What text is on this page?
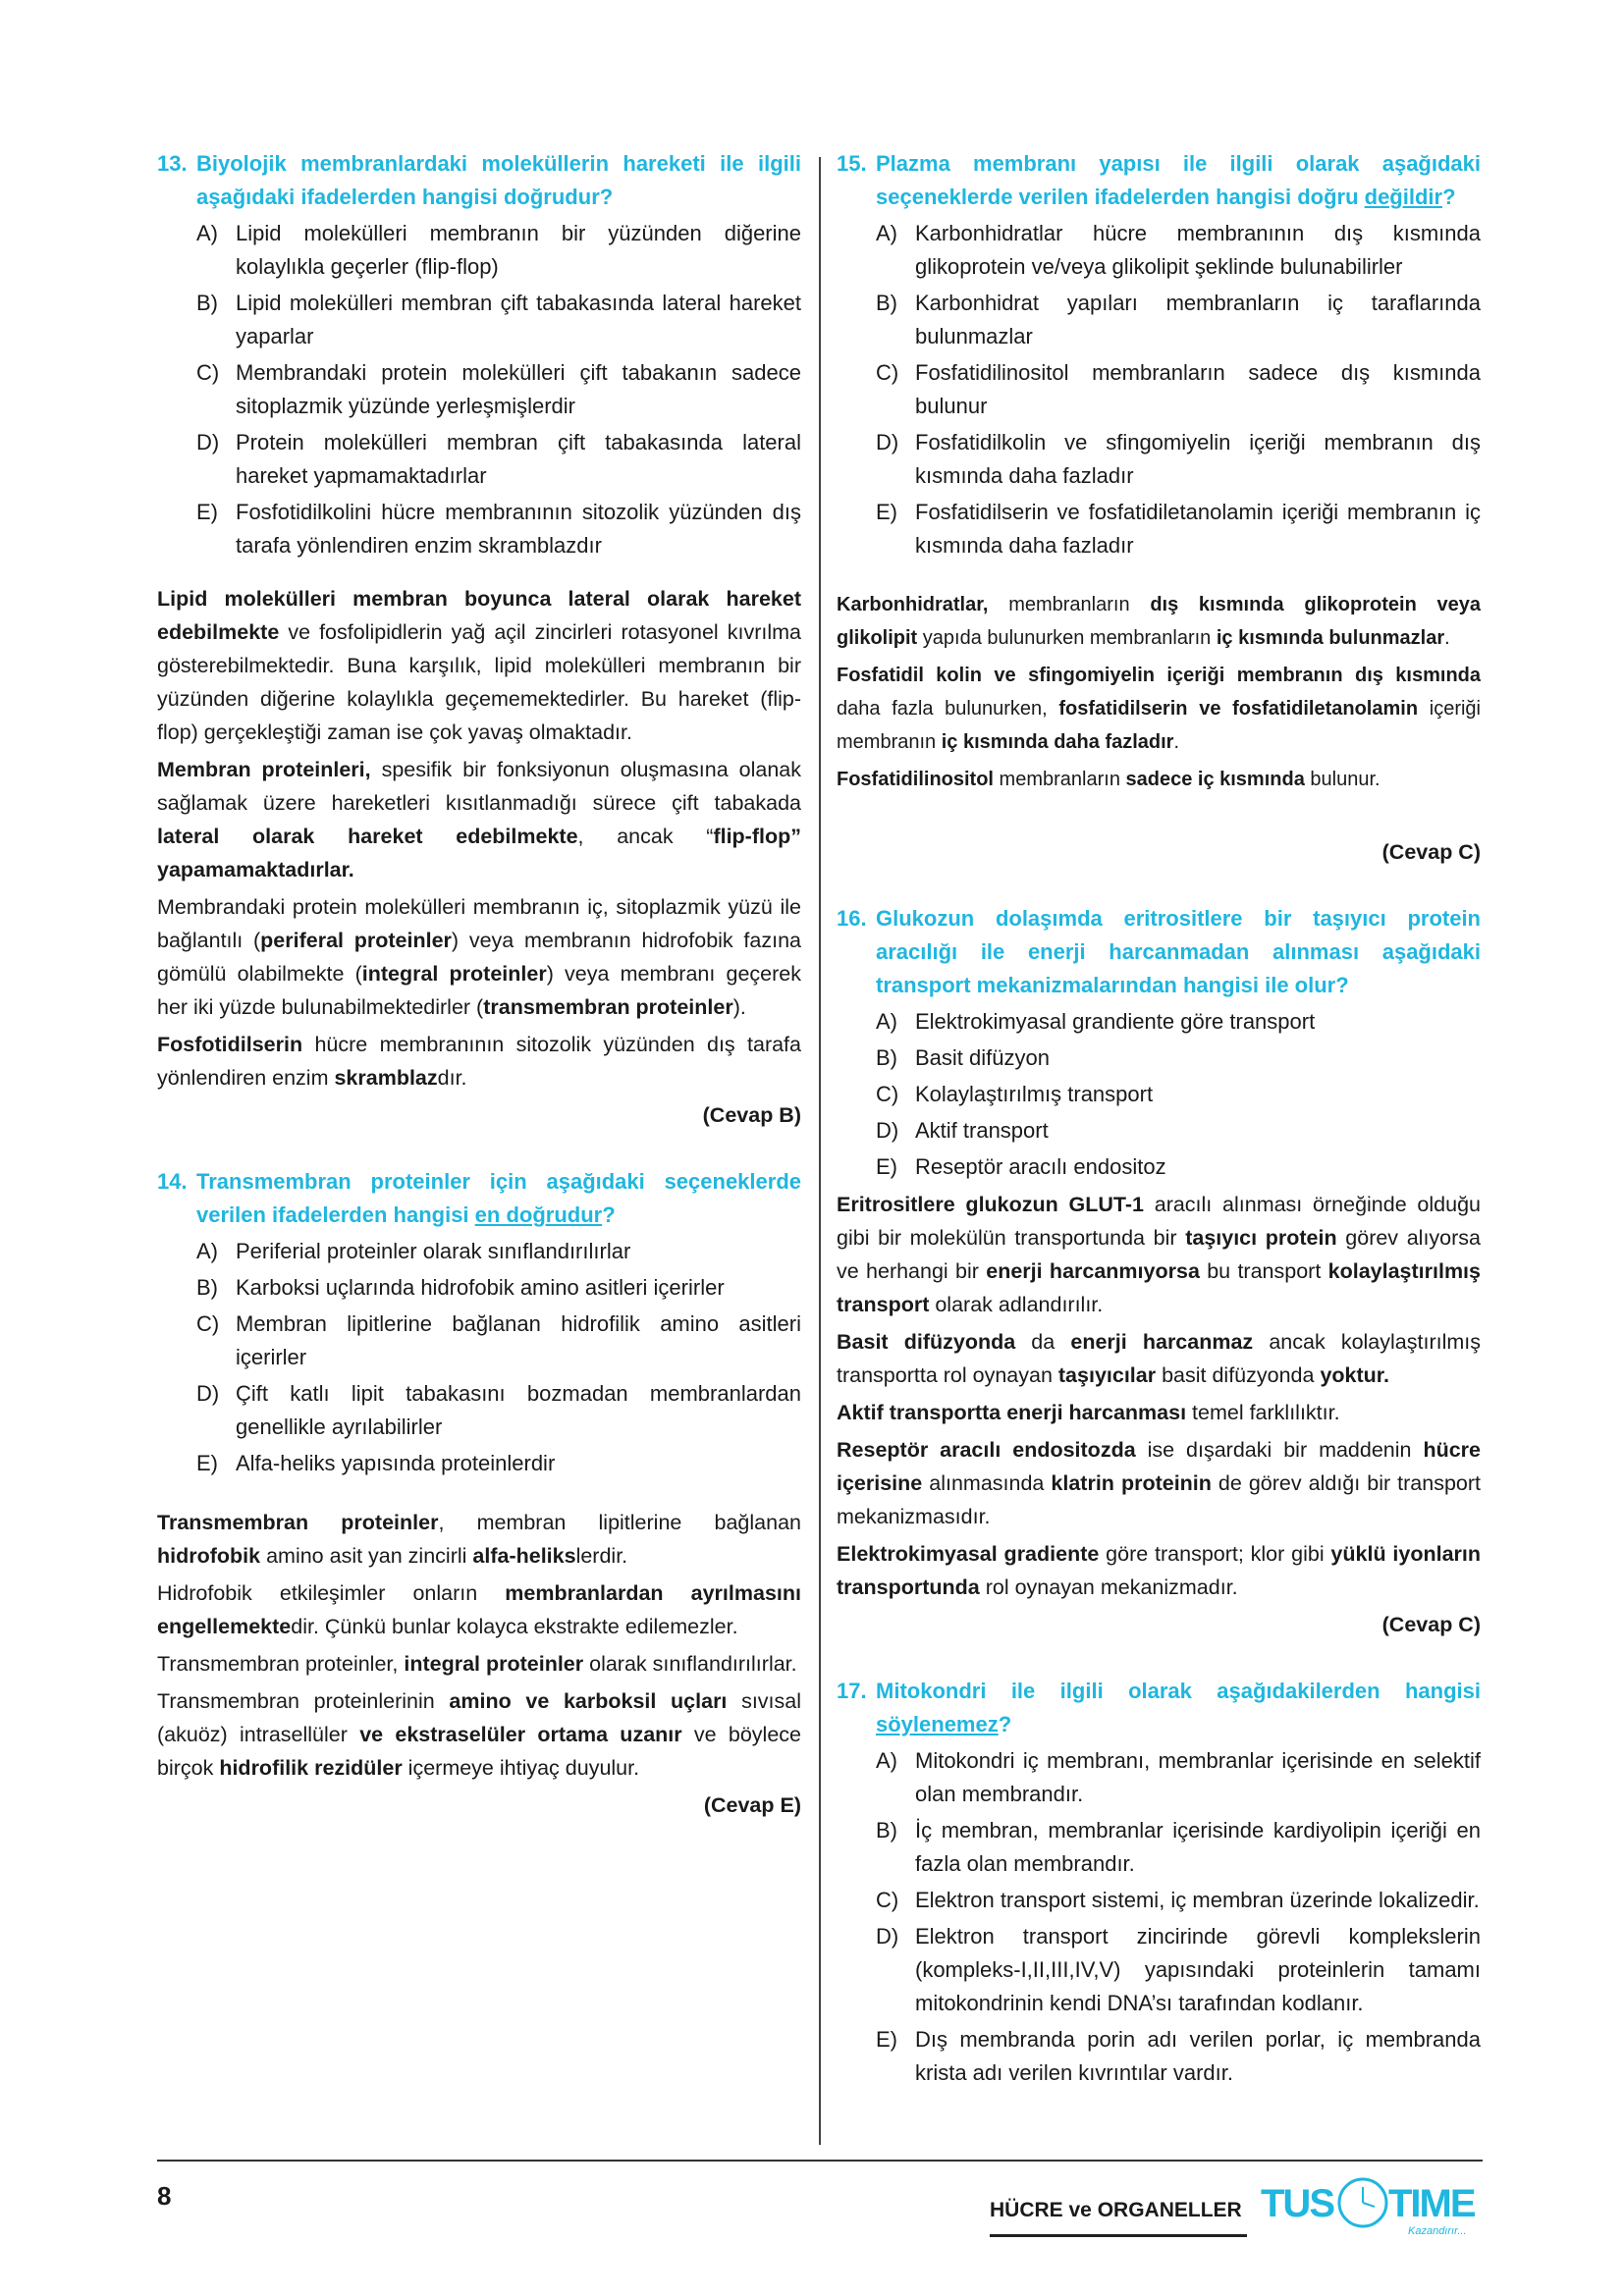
13. Biyolojik membranlardaki moleküllerin hareketi ile ilgili aşağıdaki ifadelerden hangisi doğrudur?
A) Lipid molekülleri membranın bir yüzünden diğerine kolaylıkla geçerler (flip-flop)
B) Lipid molekülleri membran çift tabakasında lateral hareket yaparlar
C) Membrandaki protein molekülleri çift tabakanın sadece sitoplazmik yüzünde yerleşmişlerdir
D) Protein molekülleri membran çift tabakasında lateral hareket yapmamaktadırlar
E) Fosfotidilkolini hücre membranının sitozolik yüzünden dış tarafa yönlendiren enzim skramblazdır

Lipid molekülleri membran boyunca lateral olarak hareket edebilmekte ve fosfolipidlerin yağ açil zincirleri rotasyonel kıvrılma gösterebilmektedir. Buna karşılık, lipid molekülleri membranın bir yüzünden diğerine kolaylıkla geçememektedirler. Bu hareket (flip-flop) gerçekleştiği zaman ise çok yavaş olmaktadır.

Membran proteinleri, spesifik bir fonksiyonun oluşmasına olanak sağlamak üzere hareketleri kısıtlanmadığı sürece çift tabakada lateral olarak hareket edebilmekte, ancak “flip-flop” yapamamaktadırlar.

Membrandaki protein molekülleri membranın iç, sitoplazmik yüzü ile bağlantılı (periferal proteinler) veya membranın hidrofobik fazına gömülü olabilmekte (integral proteinler) veya membranı geçerek her iki yüzde bulunabilmektedirler (transmembran proteinler).

Fosfotidilserin hücre membranının sitozolik yüzünden dış tarafa yönlendiren enzim skramblazdır.

(Cevap B)
14. Transmembran proteinler için aşağıdaki seçeneklerde verilen ifadelerden hangisi en doğrudur?
A) Periferial proteinler olarak sınıflandırılırlar
B) Karboksi uçlarında hidrofobik amino asitleri içerirler
C) Membran lipitlerine bağlanan hidrofilik amino asitleri içerirler
D) Çift katlı lipit tabakasını bozmadan membranlardan genellikle ayrılabilirler
E) Alfa-heliks yapısında proteinlerdir

Transmembran proteinler, membran lipitlerine bağlanan hidrofobik amino asit yan zincirli alfa-helikslerdir.

Hidrofobik etkileşimler onların membranlardan ayrılmasını engellemektedir. Çünkü bunlar kolayca ekstrakte edilemezler.

Transmembran proteinler, integral proteinler olarak sınıflandırılırlar.

Transmembran proteinlerinin amino ve karboksil uçları sıvısal (akuöz) intrasellüler ve ekstraselüler ortama uzanır ve böylece birçok hidrofilik rezidüler içermeye ihtiyaç duyulur.

(Cevap E)
15. Plazma membranı yapısı ile ilgili olarak aşağıdaki seçeneklerde verilen ifadelerden hangisi doğru değildir?
A) Karbonhidratlar hücre membranının dış kısmında glikoprotein ve/veya glikolipit şeklinde bulunabilirler
B) Karbonhidrat yapıları membranların iç taraflarında bulunmazlar
C) Fosfatidilinositol membranların sadece dış kısmında bulunur
D) Fosfatidilkolin ve sfingomiyelin içeriği membranın dış kısmında daha fazladır
E) Fosfatidilserin ve fosfatidiletanolamin içeriği membranın iç kısmında daha fazladır

Karbonhidratlar, membranların dış kısmında glikoprotein veya glikolipit yapıda bulunurken membranların iç kısmında bulunmazlar.

Fosfatidil kolin ve sfingomiyelin içeriği membranın dış kısmında daha fazla bulunurken, fosfatidilserin ve fosfatidiletanolamin içeriği membranın iç kısmında daha fazladır.

Fosfatidilinositol membranların sadece iç kısmında bulunur.

(Cevap C)
16. Glukozun dolaşımda eritrositlere bir taşıyıcı protein aracılığı ile enerji harcanmadan alınması aşağıdaki transport mekanizmalarından hangisi ile olur?
A) Elektrokimyasal grandiente göre transport
B) Basit difüzyon
C) Kolaylaştırılmış transport
D) Aktif transport
E) Reseptör aracılı endositoz

Eritrositlere glukozun GLUT-1 aracılı alınması örneğinde olduğu gibi bir molekülün transportunda bir taşıyıcı protein görev alıyorsa ve herhangi bir enerji harcanmıyorsa bu transport kolaylaştırılmış transport olarak adlandırılır.

Basit difüzyonda da enerji harcanmaz ancak kolaylaştırılmış transportta rol oynayan taşıyıcılar basit difüzyonda yoktur.

Aktif transportta enerji harcanması temel farklılıktır.

Reseptör aracılı endositozda ise dışardaki bir maddenin hücre içerisine alınmasında klatrin proteinin de görev aldığı bir transport mekanizmasıdır.

Elektrokimyasal gradiente göre transport; klor gibi yüklü iyonların transportunda rol oynayan mekanizmadır.

(Cevap C)
17. Mitokondri ile ilgili olarak aşağıdakilerden hangisi söylenemez?
A) Mitokondri iç membranı, membranlar içerisinde en selektif olan membrandır.
B) İç membran, membranlar içerisinde kardiyolipin içeriği en fazla olan membrandır.
C) Elektron transport sistemi, iç membran üzerinde lokalizedir.
D) Elektron transport zincirinde görevli komplekslerin (kompleks-I,II,III,IV,V) yapısındaki proteinlerin tamamı mitokondrinin kendi DNA’sı tarafından kodlanır.
E) Dış membranda porin adı verilen porlar, iç membranda krista adı verilen kıvrıntılar vardır.
8	HÜCRE ve ORGANELLER TUS TIME
Kazandırır...
